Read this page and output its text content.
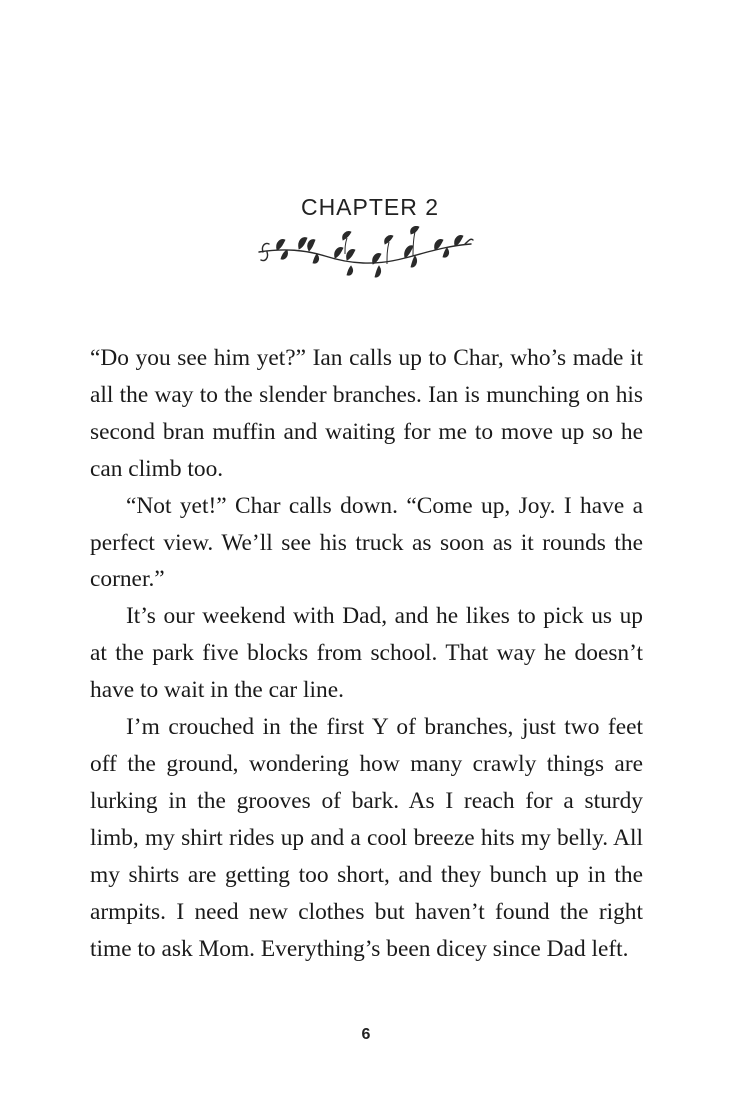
CHAPTER 2

“Do you see him yet?” Ian calls up to Char, who’s made it all the way to the slender branches. Ian is munching on his second bran muffin and waiting for me to move up so he can climb too.

“Not yet!” Char calls down. “Come up, Joy. I have a perfect view. We’ll see his truck as soon as it rounds the corner.”

It’s our weekend with Dad, and he likes to pick us up at the park five blocks from school. That way he doesn’t have to wait in the car line.

I’m crouched in the first Y of branches, just two feet off the ground, wondering how many crawly things are lurking in the grooves of bark. As I reach for a sturdy limb, my shirt rides up and a cool breeze hits my belly. All my shirts are getting too short, and they bunch up in the armpits. I need new clothes but haven’t found the right time to ask Mom. Everything’s been dicey since Dad left.

6
